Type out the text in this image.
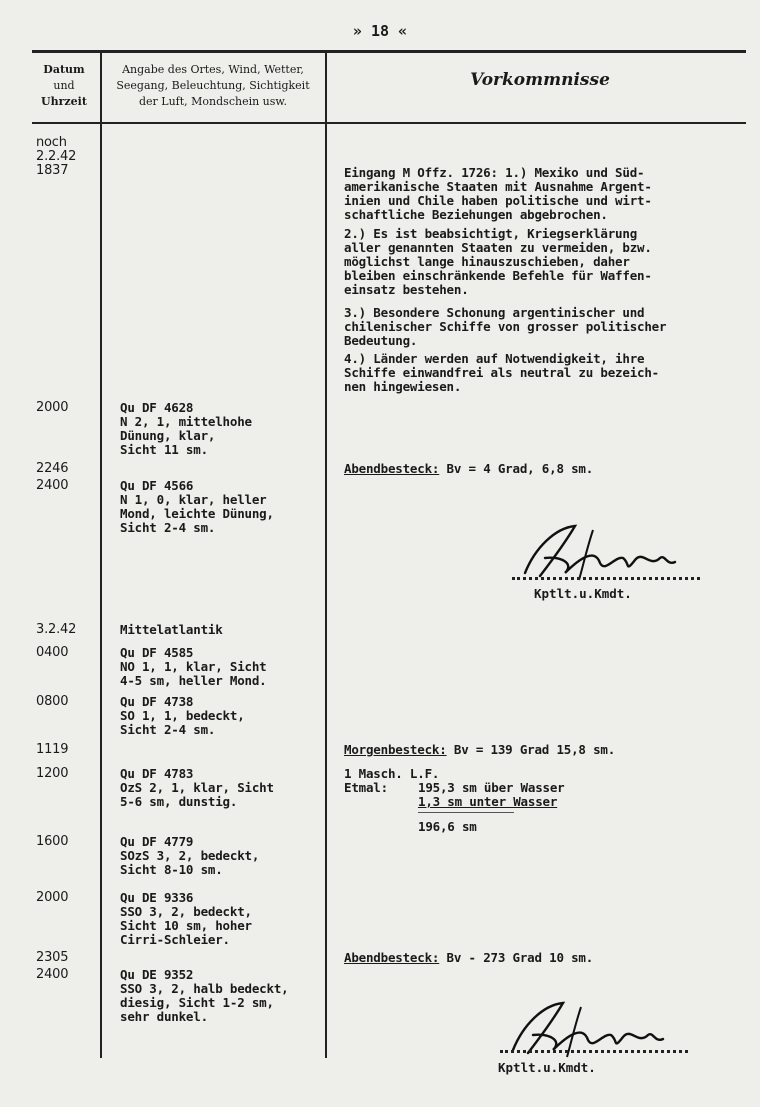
» 18 «
Datum
und
Uhrzeit
Angabe des Ortes, Wind, Wetter,
Seegang, Beleuchtung, Sichtigkeit
der Luft, Mondschein usw.
Vorkommnisse
noch
2.2.42
1837
2000
2246
2400
3.2.42
0400
0800
1119
1200
1600
2000
2305
2400
Qu DF 4628
N 2, 1, mittelhohe
Dünung, klar,
Sicht 11 sm.
Qu DF 4566
N 1, 0, klar, heller
Mond, leichte Dünung,
Sicht 2-4 sm.
Mittelatlantik
Qu DF 4585
NO 1, 1, klar, Sicht
4-5 sm, heller Mond.
Qu DF 4738
SO 1, 1, bedeckt,
Sicht 2-4 sm.
Qu DF 4783
OzS 2, 1, klar, Sicht
5-6 sm, dunstig.
Qu DF 4779
SOzS 3, 2, bedeckt,
Sicht 8-10 sm.
Qu DE 9336
SSO 3, 2, bedeckt,
Sicht 10 sm, hoher
Cirri-Schleier.
Qu DE 9352
SSO 3, 2, halb bedeckt,
diesig, Sicht 1-2 sm,
sehr dunkel.
Eingang M Offz. 1726: 1.) Mexiko und Süd-
amerikanische Staaten mit Ausnahme Argent-
inien und Chile haben politische und wirt-
schaftliche Beziehungen abgebrochen.
2.) Es ist beabsichtigt, Kriegserklärung
aller genannten Staaten zu vermeiden, bzw.
möglichst lange hinauszuschieben, daher
bleiben einschränkende Befehle für Waffen-
einsatz bestehen.
3.) Besondere Schonung argentinischer und
chilenischer Schiffe von grosser politischer
Bedeutung.
4.) Länder werden auf Notwendigkeit, ihre
Schiffe einwandfrei als neutral zu bezeich-
nen hingewiesen.
Abendbesteck: Bv = 4 Grad, 6,8 sm.
Morgenbesteck: Bv = 139 Grad 15,8 sm.
1 Masch. L.F.
Etmal: 195,3 sm über Wasser
1,3 sm unter Wasser
196,6 sm
Abendbesteck: Bv - 273 Grad 10 sm.
Kptlt.u.Kmdt.
Kptlt.u.Kmdt.
